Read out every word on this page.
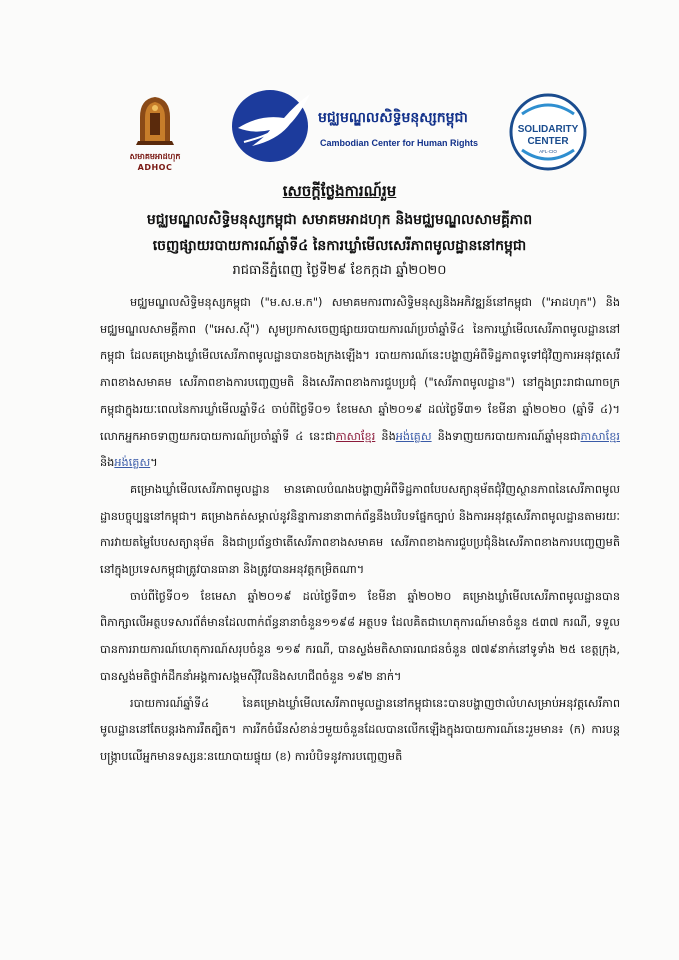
សមាគមអាដហុក
ADHOC
មជ្ឈមណ្ឌលសិទ្ធិមនុស្សកម្ពុជា
Cambodian Center for Human Rights
SOLIDARITY
CENTER
AFL-CIO
សេចក្តីថ្លែងការណ៍រួម
មជ្ឈមណ្ឌលសិទ្ធិមនុស្សកម្ពុជា សមាគមអាដហុក និងមជ្ឈមណ្ឌលសាមគ្គីភាព
ចេញផ្សាយរបាយការណ៍ឆ្នាំទី៤ នៃការឃ្លាំមើលសេរីភាពមូលដ្ឋាននៅកម្ពុជា
រាជធានីភ្នំពេញ ថ្ងៃទី២៩ ខែកក្កដា ឆ្នាំ២០២០

មជ្ឈមណ្ឌលសិទ្ធិមនុស្សកម្ពុជា ("ម.ស.ម.ក") សមាគមការពារសិទ្ធិមនុស្សនិងអភិវឌ្ឍន៍នៅកម្ពុជា ("អាដហុក") និងមជ្ឈមណ្ឌលសាមគ្គីភាព ("អេស.ស៊ី") សូមប្រកាសចេញផ្សាយរបាយការណ៍ប្រចាំឆ្នាំទី៤ នៃការឃ្លាំមើលសេរីភាពមូលដ្ឋាននៅកម្ពុជា ដែលគម្រោងឃ្លាំមើលសេរីភាពមូលដ្ឋានបានចងក្រងឡើង។ របាយការណ៍នេះបង្ហាញអំពីទិដ្ឋភាពទូទៅជុំវិញការអនុវត្តសេរីភាពខាងសមាគម សេរីភាពខាងការបញ្ចេញមតិ និងសេរីភាពខាងការជួបប្រជុំ ("សេរីភាពមូលដ្ឋាន") នៅក្នុងព្រះរាជាណាចក្រកម្ពុជាក្នុងរយៈពេលនៃការឃ្លាំមើលឆ្នាំទី៤ ចាប់ពីថ្ងៃទី០១ ខែមេសា ឆ្នាំ២០១៩ ដល់ថ្ងៃទី៣១ ខែមីនា ឆ្នាំ២០២០ (ឆ្នាំទី ៤)។ លោកអ្នកអាចទាញយករបាយការណ៍ប្រចាំឆ្នាំទី ៤ នេះជាភាសាខ្មែរ និងអង់គ្លេស និងទាញយករបាយការណ៍ឆ្នាំមុនជាភាសាខ្មែរ និងអង់គ្លេស។

គម្រោងឃ្លាំមើលសេរីភាពមូលដ្ឋាន មានគោលបំណងបង្ហាញអំពីទិដ្ឋភាពបែបសត្យានុម័តជុំវិញស្ថានភាពនៃសេរីភាពមូលដ្ឋានបច្ចុប្បន្ននៅកម្ពុជា។ គម្រោងកត់សម្គាល់នូវនិន្នាការនានាពាក់ព័ន្ធនឹងបរិបទផ្នែកច្បាប់ និងការអនុវត្តសេរីភាពមូលដ្ឋានតាមរយៈការវាយតម្លៃបែបសត្យានុម័ត និងជាប្រព័ន្ធថាតើសេរីភាពខាងសមាគម សេរីភាពខាងការជួបប្រជុំនិងសេរីភាពខាងការបញ្ចេញមតិនៅក្នុងប្រទេសកម្ពុជាត្រូវបានធានា និងត្រូវបានអនុវត្តកម្រិតណា។

ចាប់ពីថ្ងៃទី០១ ខែមេសា ឆ្នាំ២០១៩ ដល់ថ្ងៃទី៣១ ខែមីនា ឆ្នាំ២០២០ គម្រោងឃ្លាំមើលសេរីភាពមូលដ្ឋានបានពិភាក្សាលើអត្ថបទសារព័ត៌មានដែលពាក់ព័ន្ធនានាចំនួន១១៩៨ អត្ថបទ ដែលគិតជាហេតុការណ៍មានចំនួន ៥៣៧ ករណី, ទទួលបានការរាយការណ៍ហេតុការណ៍សរុបចំនួន ១១៩ ករណី, បានស្ទង់មតិសាធារណជនចំនួន ៧៧៩នាក់នៅទូទាំង ២៥ ខេត្តក្រុង, បានស្ទង់មតិថ្នាក់ដឹកនាំអង្គការសង្គមស៊ីវិលនិងសហជីពចំនួន ១៩២ នាក់។

របាយការណ៍ឆ្នាំទី៤ នៃគម្រោងឃ្លាំមើលសេរីភាពមូលដ្ឋាននៅកម្ពុជានេះបានបង្ហាញថាលំហសម្រាប់អនុវត្តសេរីភាពមូលដ្ឋាននៅតែបន្តរងការរឹតត្បិត។ ការរីកចំរើនសំខាន់ៗមួយចំនួនដែលបានលើកឡើងក្នុងរបាយការណ៍នេះរួមមាន៖ (ក) ការបន្តបង្រ្កាបលើអ្នកមានទស្សនៈនយោបាយផ្ទុយ (ខ) ការបំបិទនូវការបញ្ចេញមតិ
